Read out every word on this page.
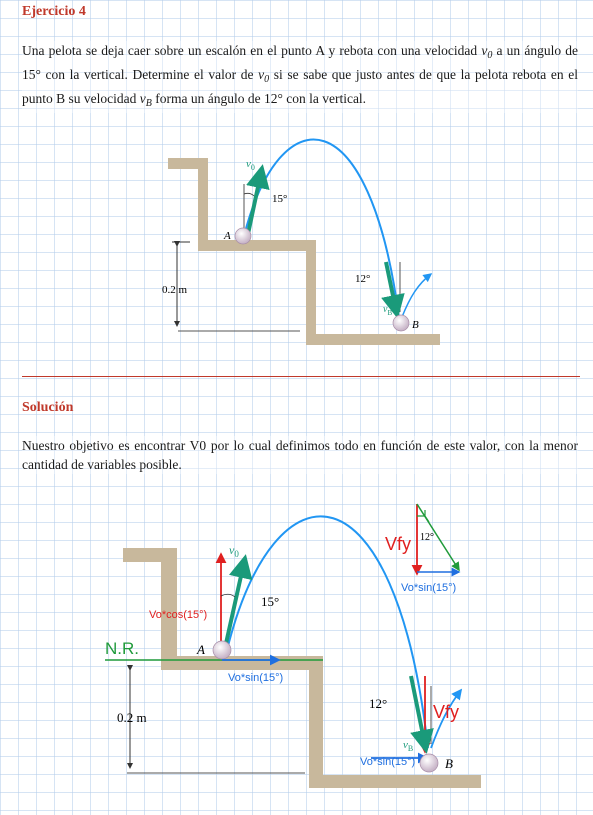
Ejercicio 4
Una pelota se deja caer sobre un escalón en el punto A y rebota con una velocidad $v_0$ a un ángulo de 15° con la vertical. Determine el valor de $v_0$ si se sabe que justo antes de que la pelota rebota en el punto B su velocidad $v_B$ forma un ángulo de 12° con la vertical.
0.2 m
$v_0$
15°
A
12°
$v_B$
B
Solución
Nuestro objetivo es encontrar V0 por lo cual definimos todo en función de este valor, con la menor cantidad de variables posible.
N.R.
0.2 m
Vo*cos(15°)
$v_0$
15°
A
Vo*sin(15°)
Vfy 12°
Vo*sin(15°)
12°	Vfy
$v_B$
Vo*sin(15°) B
